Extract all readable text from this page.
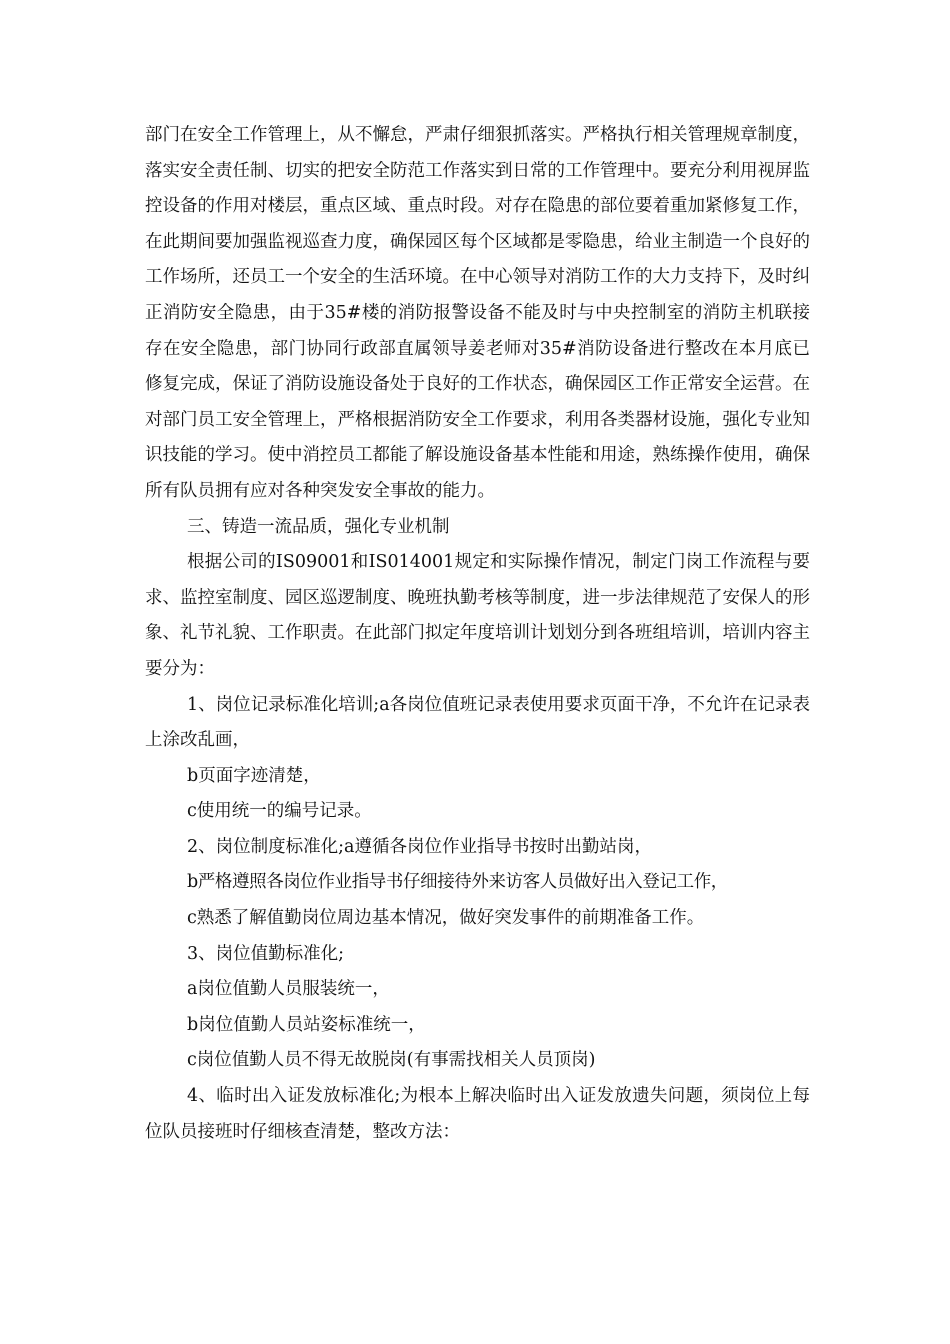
部门在安全工作管理上，从不懈怠，严肃仔细狠抓落实。严格执行相关管理规章制度，落实安全责任制、切实的把安全防范工作落实到日常的工作管理中。要充分利用视屏监控设备的作用对楼层，重点区域、重点时段。对存在隐患的部位要着重加紧修复工作，在此期间要加强监视巡查力度，确保园区每个区域都是零隐患，给业主制造一个良好的工作场所，还员工一个安全的生活环境。在中心领导对消防工作的大力支持下，及时纠正消防安全隐患，由于35#楼的消防报警设备不能及时与中央控制室的消防主机联接存在安全隐患，部门协同行政部直属领导姜老师对35#消防设备进行整改在本月底已修复完成，保证了消防设施设备处于良好的工作状态，确保园区工作正常安全运营。在对部门员工安全管理上，严格根据消防安全工作要求，利用各类器材设施，强化专业知识技能的学习。使中消控员工都能了解设施设备基本性能和用途，熟练操作使用，确保所有队员拥有应对各种突发安全事故的能力。

三、铸造一流品质，强化专业机制

根据公司的IS09001和IS014001规定和实际操作情况，制定门岗工作流程与要求、监控室制度、园区巡逻制度、晚班执勤考核等制度，进一步法律规范了安保人的形象、礼节礼貌、工作职责。在此部门拟定年度培训计划划分到各班组培训，培训内容主要分为：

1、岗位记录标准化培训;a各岗位值班记录表使用要求页面干净，不允许在记录表上涂改乱画，

b页面字迹清楚，

c使用统一的编号记录。

2、岗位制度标准化;a遵循各岗位作业指导书按时出勤站岗，

b严格遵照各岗位作业指导书仔细接待外来访客人员做好出入登记工作，

c熟悉了解值勤岗位周边基本情况，做好突发事件的前期准备工作。

3、岗位值勤标准化;

a岗位值勤人员服装统一，

b岗位值勤人员站姿标准统一，

c岗位值勤人员不得无故脱岗(有事需找相关人员顶岗)

4、临时出入证发放标准化;为根本上解决临时出入证发放遗失问题，须岗位上每位队员接班时仔细核查清楚，整改方法：
